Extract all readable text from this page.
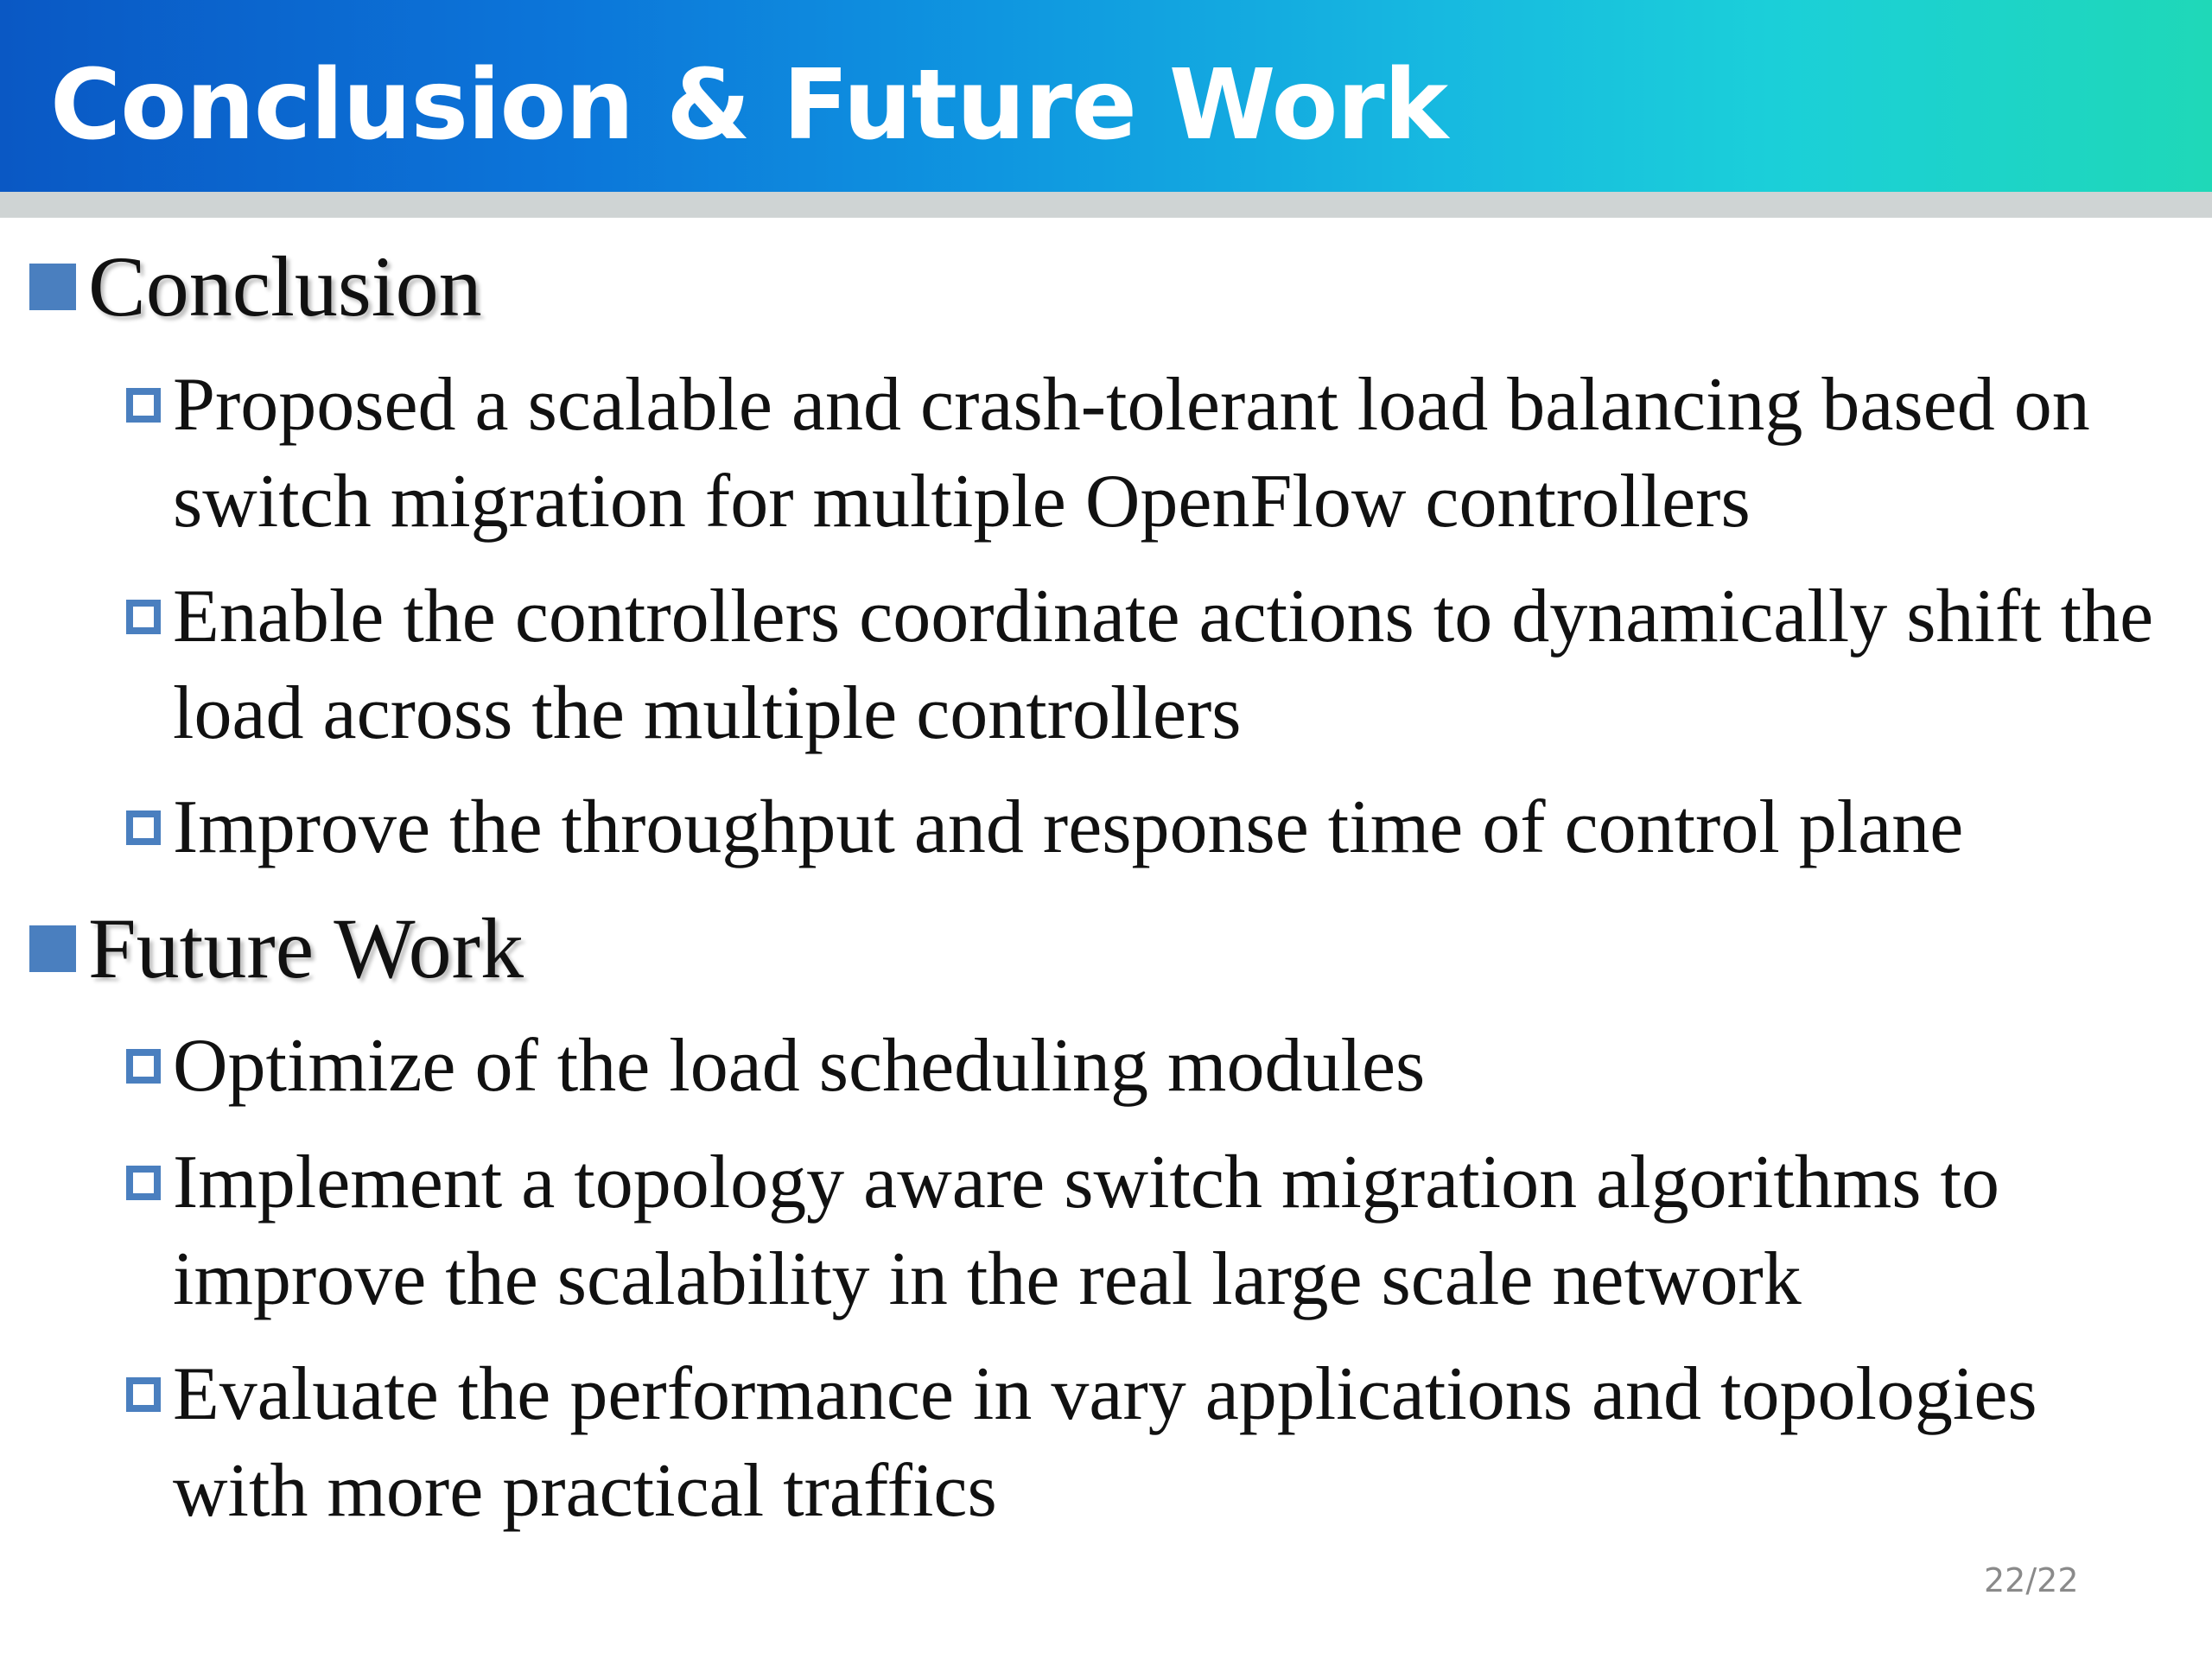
Conclusion & Future Work
Conclusion
Proposed a scalable and crash-tolerant load balancing based on switch migration for multiple OpenFlow controllers
Enable the controllers coordinate actions to dynamically shift the load across the multiple controllers
Improve the throughput and response time of control plane
Future Work
Optimize of the load scheduling modules
Implement a topology aware switch migration algorithms to improve the scalability in the real large scale network
Evaluate the performance in vary applications and topologies with more practical traffics
22/22
